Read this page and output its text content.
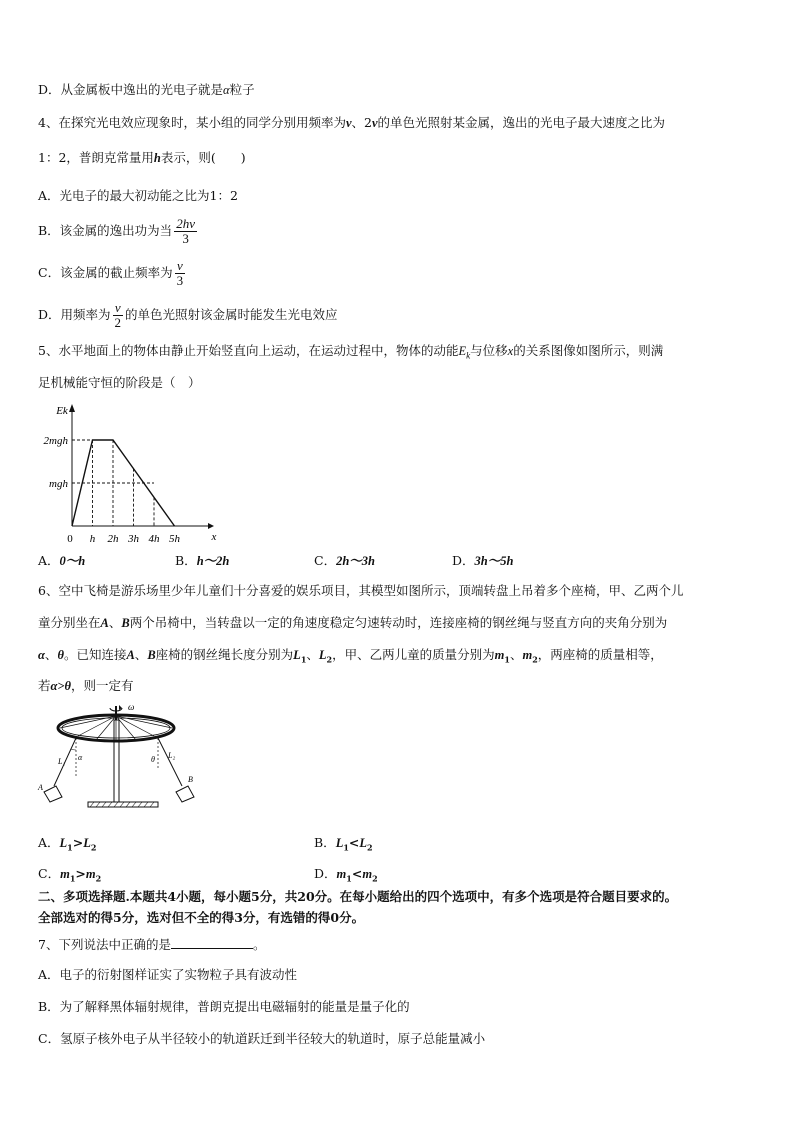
D．从金属板中逸出的光电子就是α粒子
4、在探究光电效应现象时，某小组的同学分别用频率为ν、2ν的单色光照射某金属，逸出的光电子最大速度之比为
1：2，普朗克常量用h表示，则(　　)
A．光电子的最大初动能之比为1：2
B．该金属的逸出功为当 $\frac{2h\nu}{3}$
C．该金属的截止频率为 $\frac{\nu}{3}$
D．用频率为 $\frac{\nu}{2}$ 的单色光照射该金属时能发生光电效应
5、水平地面上的物体由静止开始竖直向上运动，在运动过程中，物体的动能$E_k$与位移x的关系图像如图所示，则满
足机械能守恒的阶段是（　）
Ek
x
2mgh
mgh
0 h 2h 3h 4h 5h
A．0～h	B．h～2h	C．2h～3h	D．3h～5h
6、空中飞椅是游乐场里少年儿童们十分喜爱的娱乐项目，其模型如图所示，顶端转盘上吊着多个座椅，甲、乙两个儿
童分别坐在A、B两个吊椅中，当转盘以一定的角速度稳定匀速转动时，连接座椅的钢丝绳与竖直方向的夹角分别为
α、θ。已知连接A、B座椅的钢丝绳长度分别为$L_1$、$L_2$，甲、乙两儿童的质量分别为$m_1$、$m_2$，两座椅的质量相等，
若α>θ，则一定有
ω
α
L₁
A
θ L₂
B
A．$L_1>L_2$	B．$L_1<L_2$
C．$m_1>m_2$	D．$m_1<m_2$
二、多项选择题.本题共4小题，每小题5分，共20分。在每小题给出的四个选项中，有多个选项是符合题目要求的。
全部选对的得5分，选对但不全的得3分，有选错的得0分。
7、下列说法中正确的是	。
A．电子的衍射图样证实了实物粒子具有波动性
B．为了解释黑体辐射规律，普朗克提出电磁辐射的能量是量子化的
C．氢原子核外电子从半径较小的轨道跃迁到半径较大的轨道时，原子总能量减小
